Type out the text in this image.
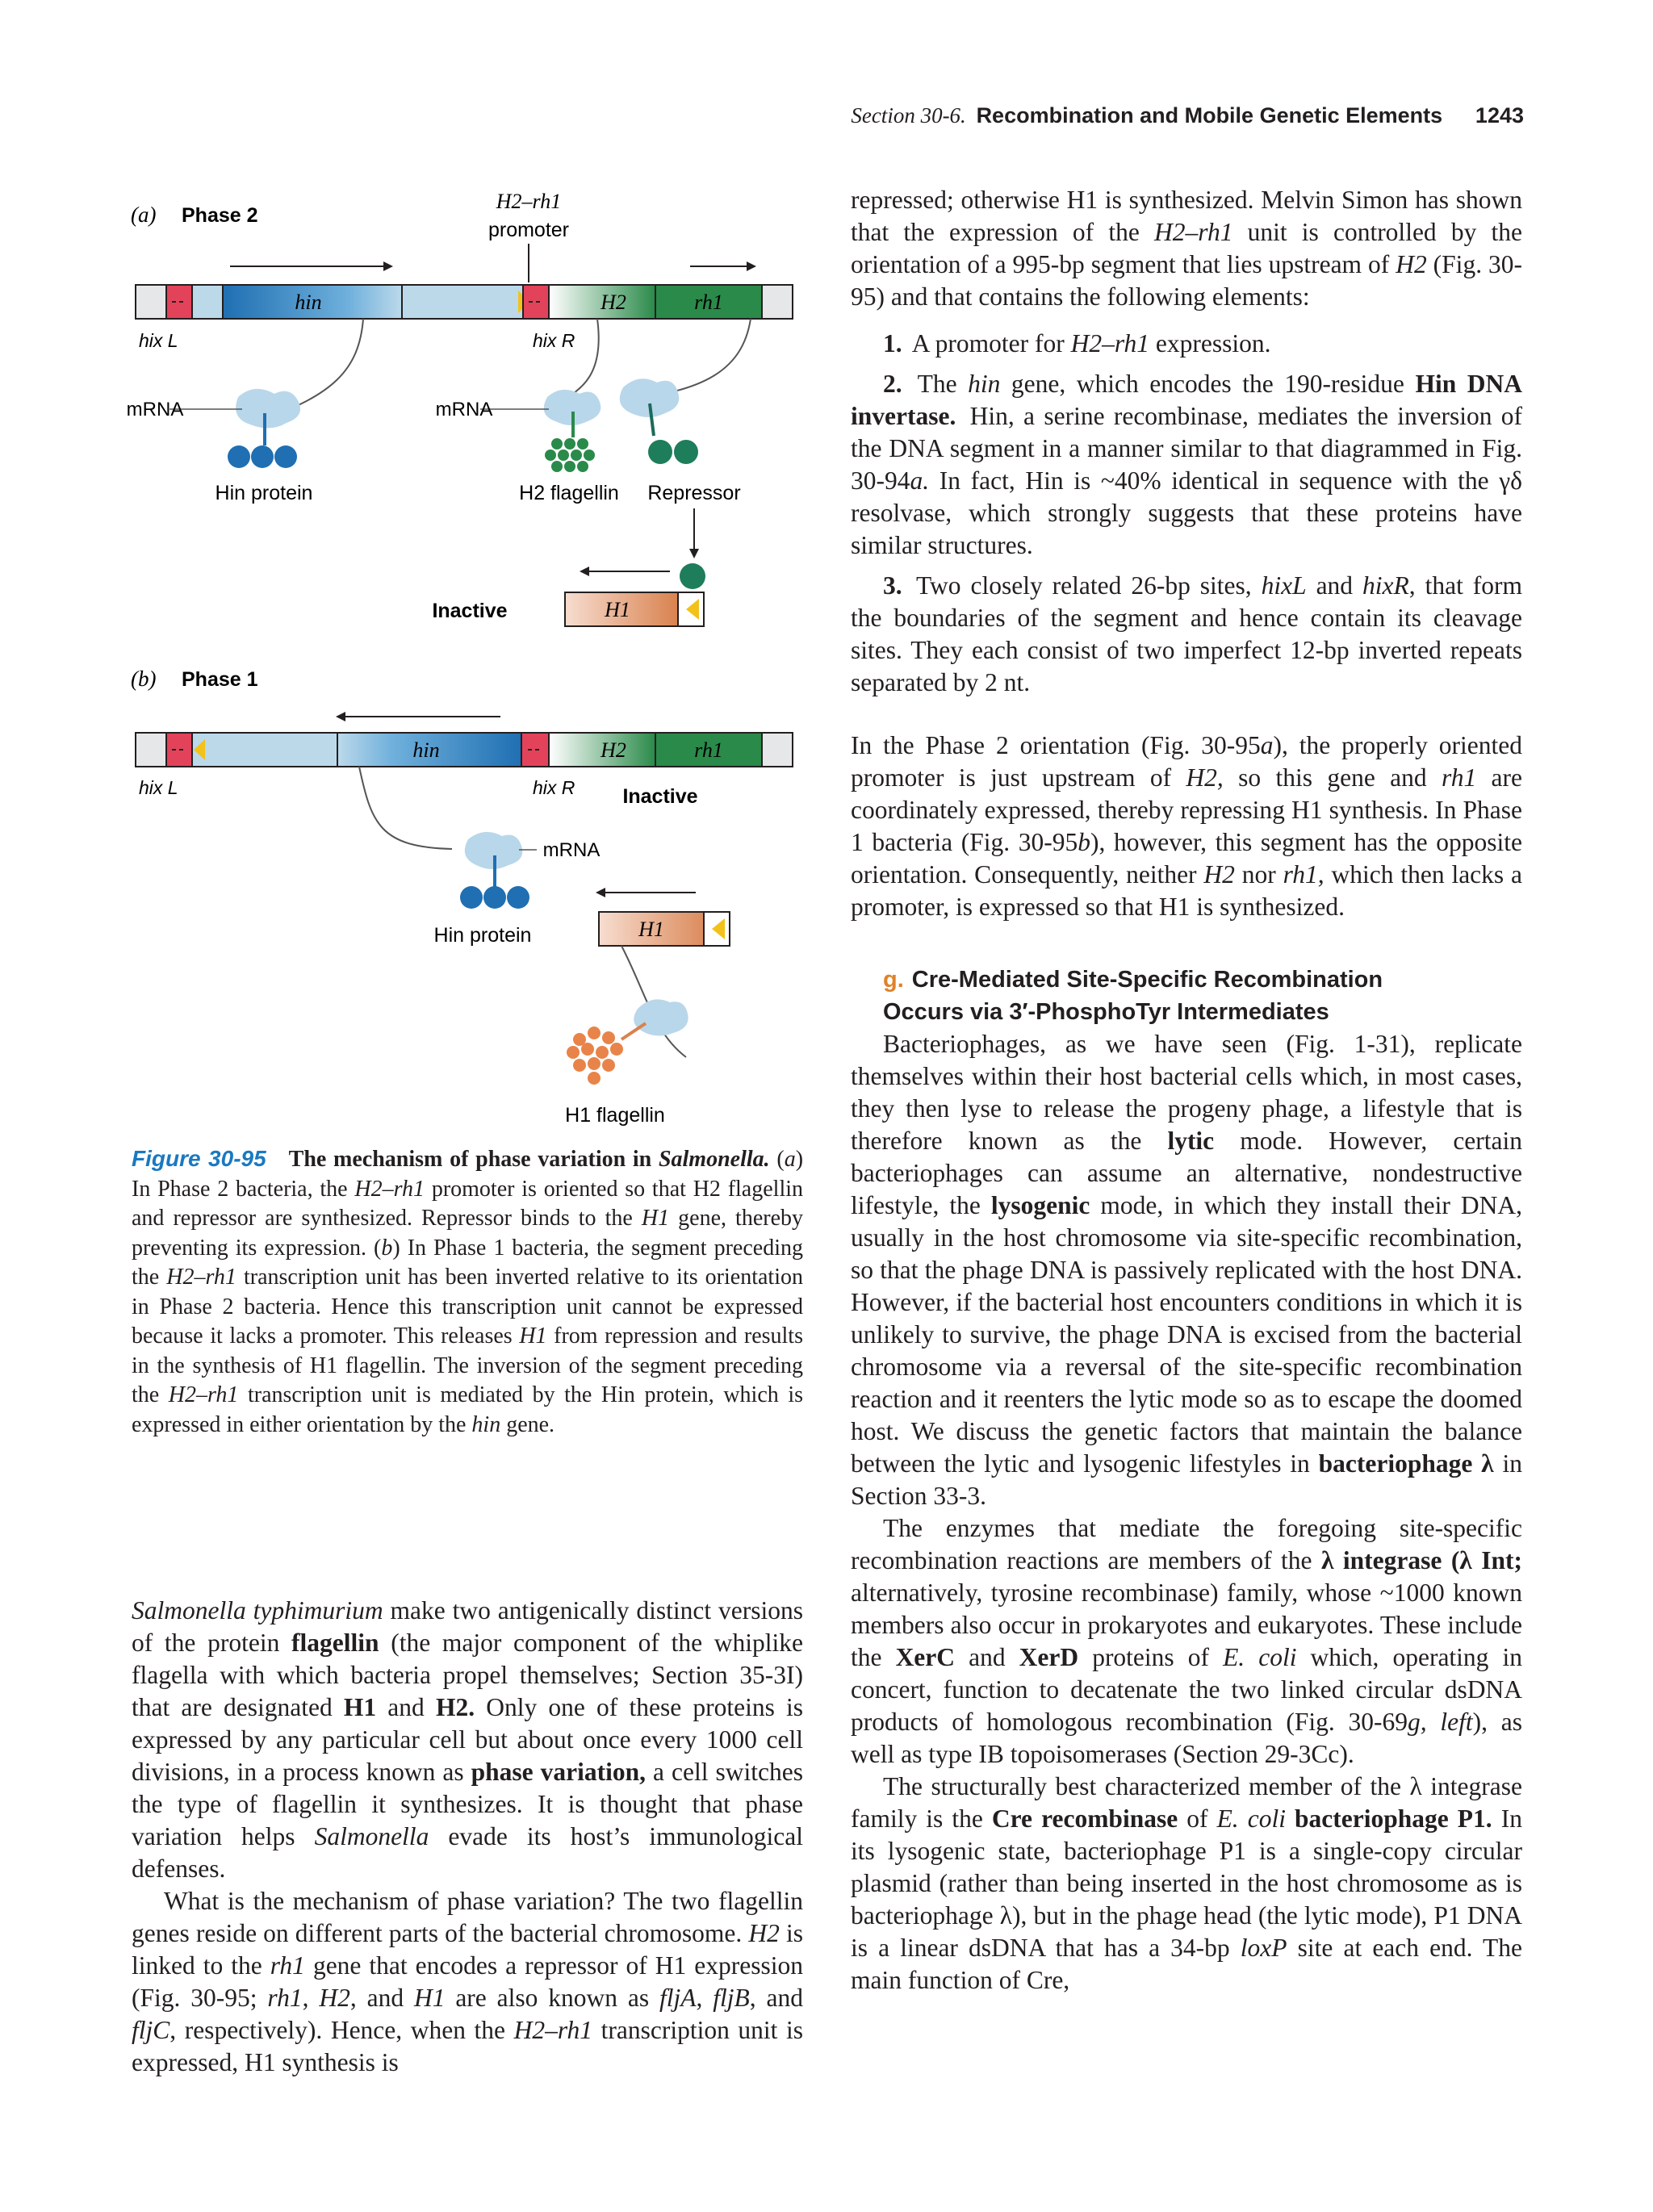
Section 30-6. Recombination and Mobile Genetic Elements 1243
(a) Phase 2
H2–rh1
promoter
hin	H2	rh1
hix L	hix R
mRNA
Hin protein
mRNA
H2 flagellin Repressor
H1
Inactive
(b) Phase 1
hin	H2	rh1
hix L	hix R Inactive
mRNA
Hin protein	H1
H1 flagellin
Figure 30-95 The mechanism of phase variation in Salmonella. (a) In Phase 2 bacteria, the H2–rh1 promoter is oriented so that H2 flagellin and repressor are synthesized. Repressor binds to the H1 gene, thereby preventing its expression. (b) In Phase 1 bacteria, the segment preceding the H2–rh1 transcription unit has been inverted relative to its orientation in Phase 2 bacteria. Hence this transcription unit cannot be expressed because it lacks a promoter. This releases H1 from repression and results in the synthesis of H1 flagellin. The inversion of the segment preceding the H2–rh1 transcription unit is mediated by the Hin protein, which is expressed in either orientation by the hin gene.

Salmonella typhimurium make two antigenically distinct versions of the protein flagellin (the major component of the whiplike flagella with which bacteria propel themselves; Section 35-3I) that are designated H1 and H2. Only one of these proteins is expressed by any particular cell but about once every 1000 cell divisions, in a process known as phase variation, a cell switches the type of flagellin it synthesizes. It is thought that phase variation helps Salmonella evade its host’s immunological defenses.

What is the mechanism of phase variation? The two flagellin genes reside on different parts of the bacterial chromosome. H2 is linked to the rh1 gene that encodes a repressor of H1 expression (Fig. 30-95; rh1, H2, and H1 are also known as fljA, fljB, and fljC, respectively). Hence, when the H2–rh1 transcription unit is expressed, H1 synthesis is

repressed; otherwise H1 is synthesized. Melvin Simon has shown that the expression of the H2–rh1 unit is controlled by the orientation of a 995-bp segment that lies upstream of H2 (Fig. 30-95) and that contains the following elements:

1. A promoter for H2–rh1 expression.

2. The hin gene, which encodes the 190-residue Hin DNA invertase. Hin, a serine recombinase, mediates the inversion of the DNA segment in a manner similar to that diagrammed in Fig. 30-94a. In fact, Hin is ~40% identical in sequence with the γδ resolvase, which strongly suggests that these proteins have similar structures.

3. Two closely related 26-bp sites, hixL and hixR, that form the boundaries of the segment and hence contain its cleavage sites. They each consist of two imperfect 12-bp inverted repeats separated by 2 nt.

In the Phase 2 orientation (Fig. 30-95a), the properly oriented promoter is just upstream of H2, so this gene and rh1 are coordinately expressed, thereby repressing H1 synthesis. In Phase 1 bacteria (Fig. 30-95b), however, this segment has the opposite orientation. Consequently, neither H2 nor rh1, which then lacks a promoter, is expressed so that H1 is synthesized.

g. Cre-Mediated Site-Specific Recombination
Occurs via 3′-PhosphoTyr Intermediates

Bacteriophages, as we have seen (Fig. 1-31), replicate themselves within their host bacterial cells which, in most cases, they then lyse to release the progeny phage, a lifestyle that is therefore known as the lytic mode. However, certain bacteriophages can assume an alternative, nondestructive lifestyle, the lysogenic mode, in which they install their DNA, usually in the host chromosome via site-specific recombination, so that the phage DNA is passively replicated with the host DNA. However, if the bacterial host encounters conditions in which it is unlikely to survive, the phage DNA is excised from the bacterial chromosome via a reversal of the site-specific recombination reaction and it reenters the lytic mode so as to escape the doomed host. We discuss the genetic factors that maintain the balance between the lytic and lysogenic lifestyles in bacteriophage λ in Section 33-3.

The enzymes that mediate the foregoing site-specific recombination reactions are members of the λ integrase (λ Int; alternatively, tyrosine recombinase) family, whose ~1000 known members also occur in prokaryotes and eukaryotes. These include the XerC and XerD proteins of E. coli which, operating in concert, function to decatenate the two linked circular dsDNA products of homologous recombination (Fig. 30-69g, left), as well as type IB topoisomerases (Section 29-3Cc).

The structurally best characterized member of the λ integrase family is the Cre recombinase of E. coli bacteriophage P1. In its lysogenic state, bacteriophage P1 is a single-copy circular plasmid (rather than being inserted in the host chromosome as is bacteriophage λ), but in the phage head (the lytic mode), P1 DNA is a linear dsDNA that has a 34-bp loxP site at each end. The main function of Cre,
